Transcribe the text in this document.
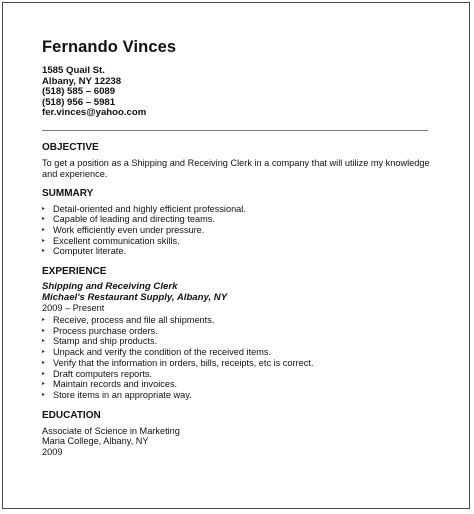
Fernando Vinces
1585 Quail St.
Albany, NY 12238
(518) 585 – 6089
(518) 956 – 5981
fer.vinces@yahoo.com
OBJECTIVE
To get a position as a Shipping and Receiving Clerk in a company that will utilize my knowledge and experience.
SUMMARY
▸ Detail-oriented and highly efficient professional.
▸ Capable of leading and directing teams.
▸ Work efficiently even under pressure.
▸ Excellent communication skills.
▸ Computer literate.
EXPERIENCE
Shipping and Receiving Clerk
Michael's Restaurant Supply, Albany, NY
2009 – Present
▸ Receive, process and file all shipments.
▸ Process purchase orders.
▸ Stamp and ship products.
▸ Unpack and verify the condition of the received items.
▸ Verify that the information in orders, bills, receipts, etc is correct.
▸ Draft computers reports.
▸ Maintain records and invoices.
▸ Store items in an appropriate way.
EDUCATION
Associate of Science in Marketing
Maria College, Albany, NY
2009
